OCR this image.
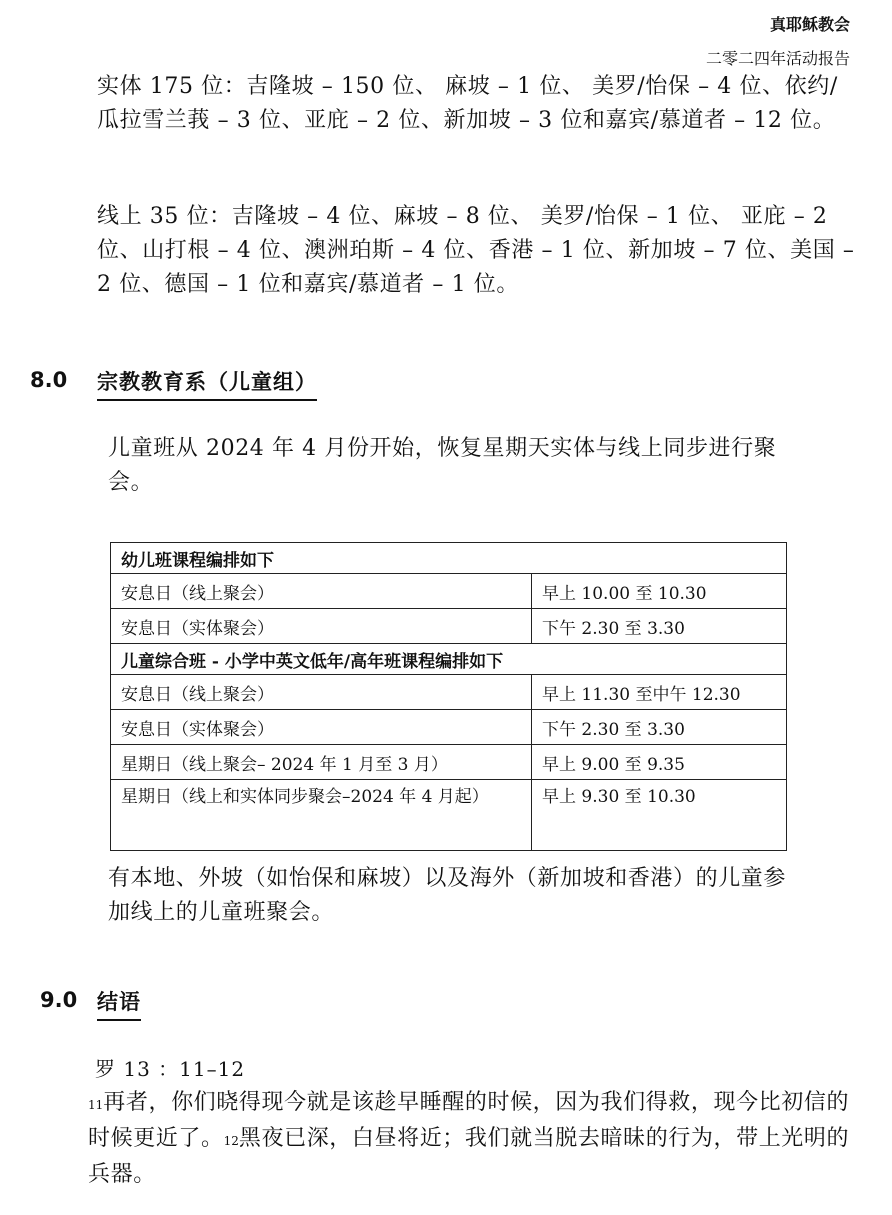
真耶稣教会
二零二四年活动报告

实体 175 位：吉隆坡 – 150 位、 麻坡 – 1 位、 美罗/怡保 – 4 位、依约/瓜拉雪兰莪 – 3 位、亚庇 – 2 位、新加坡 – 3 位和嘉宾/慕道者 – 12 位。

线上 35 位：吉隆坡 – 4 位、麻坡 – 8 位、 美罗/怡保 – 1 位、 亚庇 – 2 位、山打根 – 4 位、澳洲珀斯 – 4 位、香港 – 1 位、新加坡 – 7 位、美国 – 2 位、德国 – 1 位和嘉宾/慕道者 – 1 位。

8.0 宗教教育系（儿童组）

儿童班从 2024 年 4 月份开始，恢复星期天实体与线上同步进行聚会。

幼儿班课程编排如下	
安息日（线上聚会）	早上 10.00 至 10.30
安息日（实体聚会）	下午 2.30 至 3.30
儿童综合班 - 小学中英文低年/高年班课程编排如下	
安息日（线上聚会）	早上 11.30 至中午 12.30
安息日（实体聚会）	下午 2.30 至 3.30
星期日（线上聚会– 2024 年 1 月至 3 月）	早上 9.00 至 9.35
星期日（线上和实体同步聚会–2024 年 4 月起）	早上 9.30 至 10.30

有本地、外坡（如怡保和麻坡）以及海外（新加坡和香港）的儿童参加线上的儿童班聚会。

9.0 结语

罗 13 ：11–12

11再者，你们晓得现今就是该趁早睡醒的时候，因为我们得救，现今比初信的时候更近了。12黑夜已深，白昼将近；我们就当脱去暗昧的行为，带上光明的兵器。
